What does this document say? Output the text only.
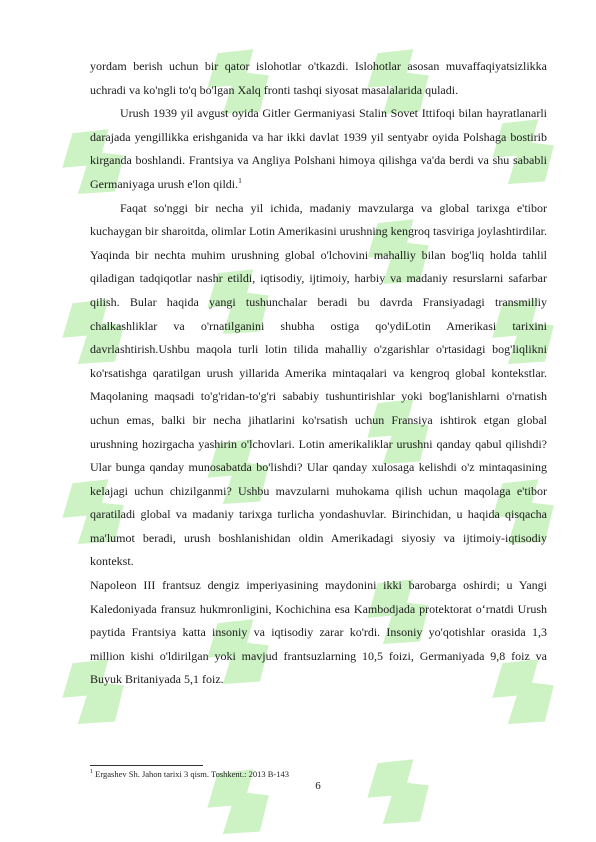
yordam berish uchun bir qator islohotlar o'tkazdi. Islohotlar asosan muvaffaqiyatsizlikka uchradi va ko'ngli to'q bo'lgan Xalq fronti tashqi siyosat masalalarida quladi.

Urush 1939 yil avgust oyida Gitler Germaniyasi Stalin Sovet Ittifoqi bilan hayratlanarli darajada yengillikka erishganida va har ikki davlat 1939 yil sentyabr oyida Polshaga bostirib kirganda boshlandi. Frantsiya va Angliya Polshani himoya qilishga va'da berdi va shu sababli Germaniyaga urush e'lon qildi.$^1$

Faqat so'nggi bir necha yil ichida, madaniy mavzularga va global tarixga e'tibor kuchaygan bir sharoitda, olimlar Lotin Amerikasini urushning kengroq tasviriga joylashtirdilar. Yaqinda bir nechta muhim urushning global o'lchovini mahalliy bilan bog'liq holda tahlil qiladigan tadqiqotlar nashr etildi, iqtisodiy, ijtimoiy, harbiy va madaniy resurslarni safarbar qilish. Bular haqida yangi tushunchalar beradi bu davrda Fransiyadagi transmilliy chalkashliklar va o'rnatilganini shubha ostiga qo'ydiLotin Amerikasi tarixini davrlashtirish.Ushbu maqola turli lotin tilida mahalliy o'zgarishlar o'rtasidagi bog'liqlikni ko'rsatishga qaratilgan urush yillarida Amerika mintaqalari va kengroq global kontekstlar. Maqolaning maqsadi to'g'ridan-to'g'ri sababiy tushuntirishlar yoki bog'lanishlarni o'rnatish uchun emas, balki bir necha jihatlarini ko'rsatish uchun Fransiya ishtirok etgan global urushning hozirgacha yashirin o'lchovlari. Lotin amerikaliklar urushni qanday qabul qilishdi? Ular bunga qanday munosabatda bo'lishdi? Ular qanday xulosaga kelishdi o'z mintaqasining kelajagi uchun chizilganmi? Ushbu mavzularni muhokama qilish uchun maqolaga e'tibor qaratiladi global va madaniy tarixga turlicha yondashuvlar. Birinchidan, u haqida qisqacha ma'lumot beradi, urush boshlanishidan oldin Amerikadagi siyosiy va ijtimoiy-iqtisodiy kontekst.

Napoleon III frantsuz dengiz imperiyasining maydonini ikki barobarga oshirdi; u Yangi Kaledoniyada fransuz hukmronligini, Kochichina esa Kambodjada protektorat o‘rnatdi Urush paytida Frantsiya katta insoniy va iqtisodiy zarar ko'rdi. Insoniy yo'qotishlar orasida 1,3 million kishi o'ldirilgan yoki mavjud frantsuzlarning 10,5 foizi, Germaniyada 9,8 foiz va Buyuk Britaniyada 5,1 foiz.

$^1$ Ergashev Sh. Jahon tarixi 3 qism. Toshkent.: 2013 B-143
6
